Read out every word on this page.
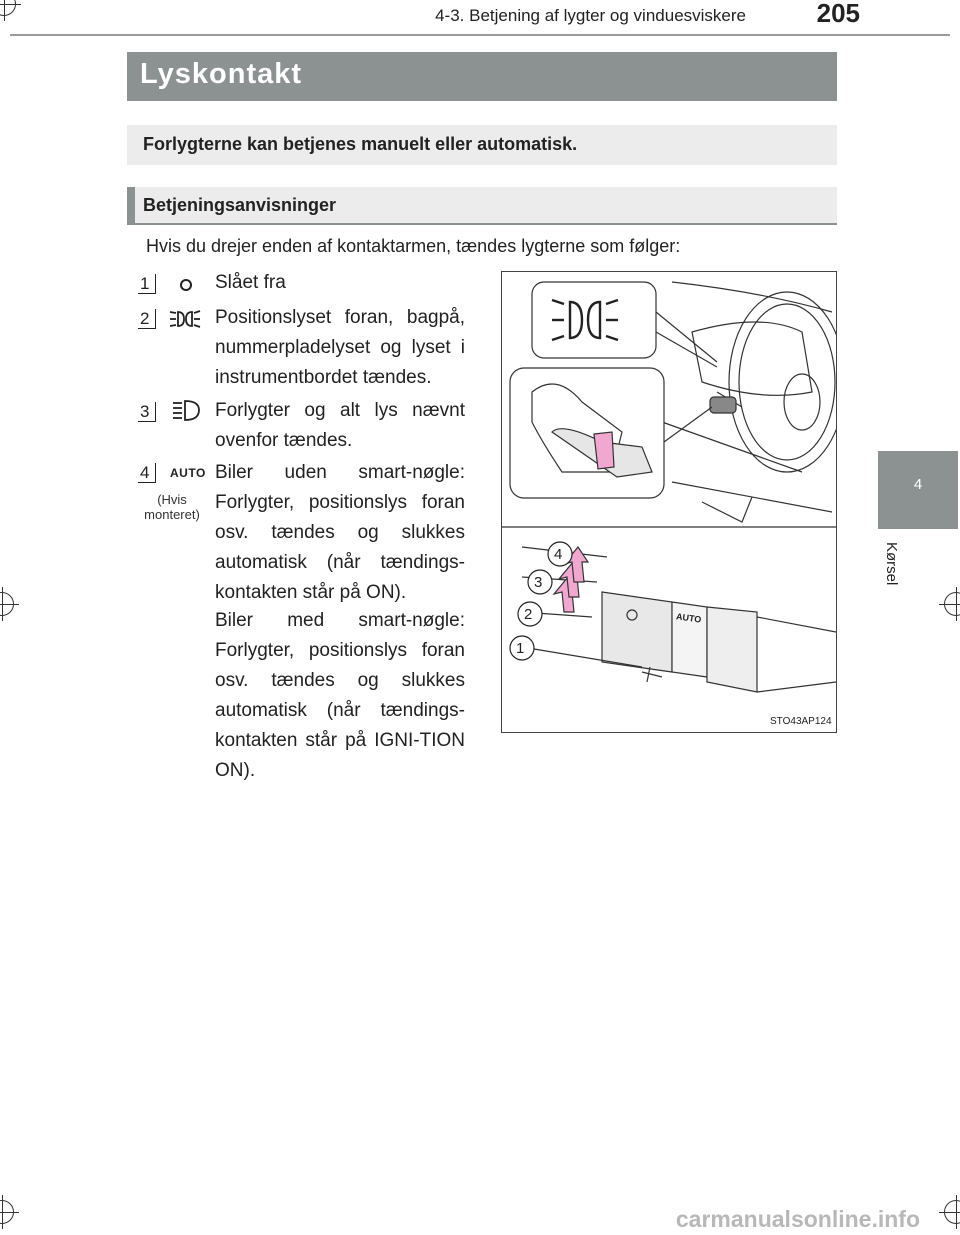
4-3. Betjening af lygter og vinduesviskere	205
Lyskontakt
Forlygterne kan betjenes manuelt eller automatisk.
Betjeningsanvisninger
Hvis du drejer enden af kontaktarmen, tændes lygterne som følger:
1	Slået fra
2	Positionslyset foran, bagpå, nummerpladelyset og lyset i instrumentbordet tændes.
3	Forlygter og alt lys nævnt ovenfor tændes.
4	AUTO
(Hvis monteret)
Biler uden smart-nøgle: Forlygter, positionslys foran osv. tændes og slukkes automatisk (når tændings-kontakten står på ON).
Biler med smart-nøgle: Forlygter, positionslys foran osv. tændes og slukkes automatisk (når tændings-kontakten står på IGNI-TION ON).
4
Kørsel
4
3
2
1
AUTO
STO43AP124
carmanualsonline.info
